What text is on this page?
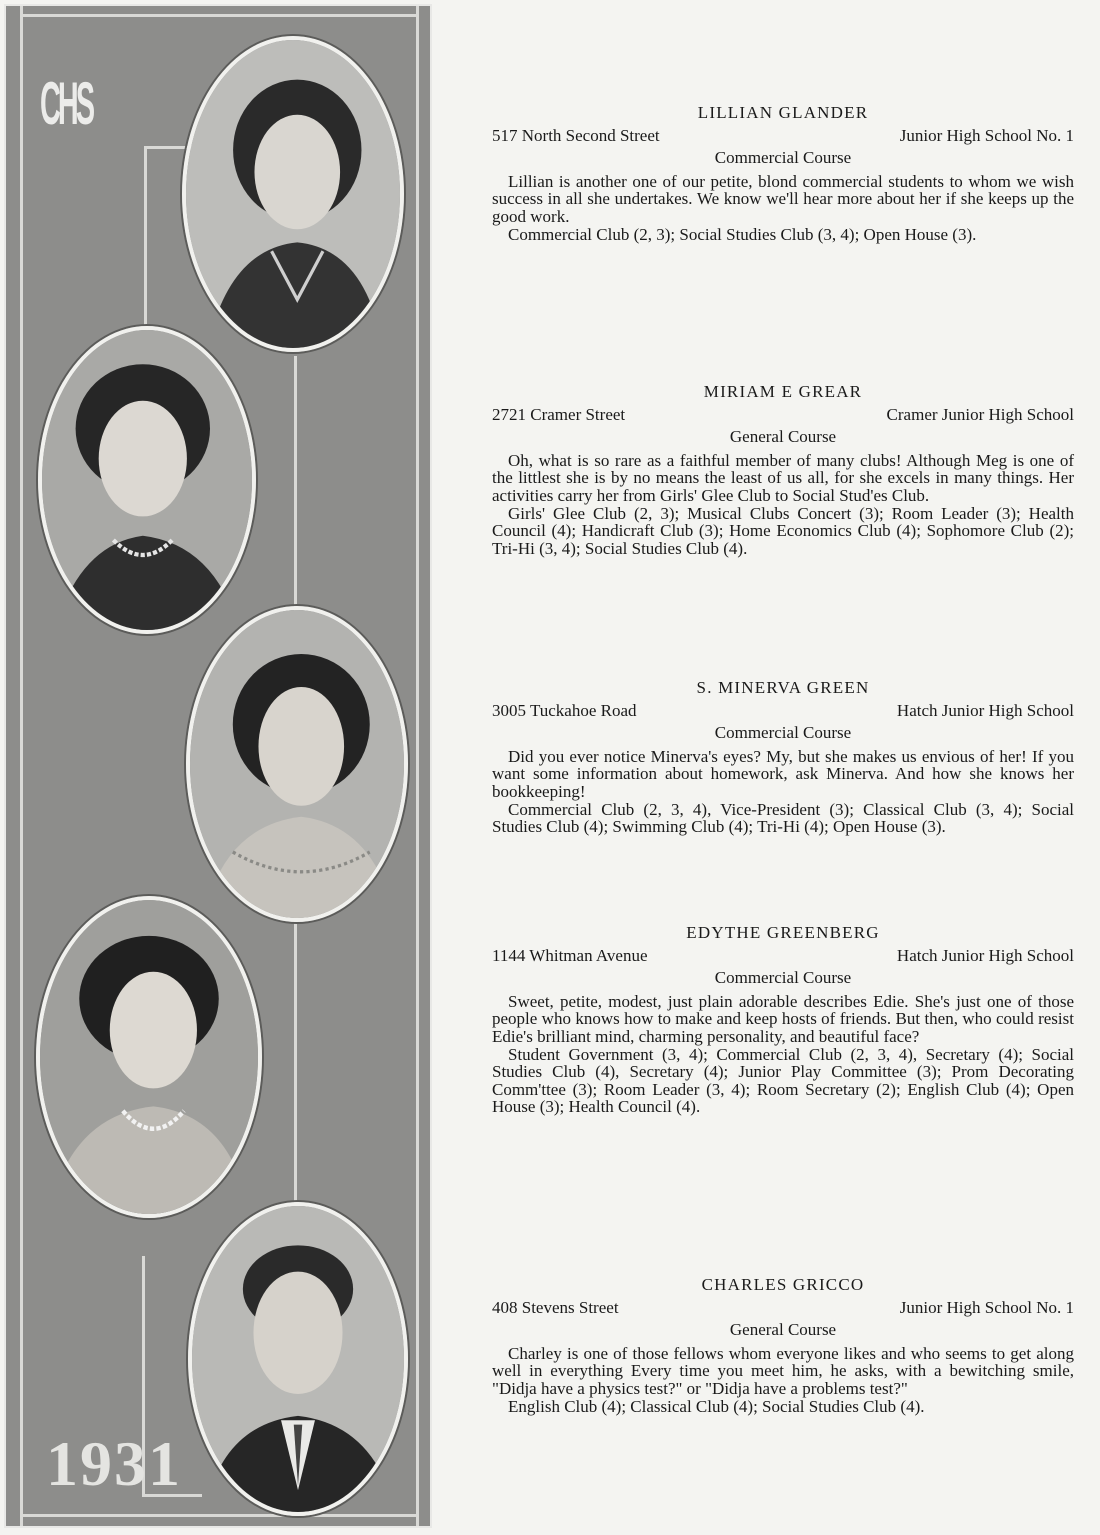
CHS
1931
LILLIAN GLANDER
517 North Second Street	Junior High School No. 1
Commercial Course
Lillian is another one of our petite, blond commercial students to whom we wish success in all she undertakes. We know we'll hear more about her if she keeps up the good work.
Commercial Club (2, 3); Social Studies Club (3, 4); Open House (3).
MIRIAM E GREAR
2721 Cramer Street	Cramer Junior High School
General Course
Oh, what is so rare as a faithful member of many clubs! Although Meg is one of the littlest she is by no means the least of us all, for she excels in many things. Her activities carry her from Girls' Glee Club to Social Stud'es Club.
Girls' Glee Club (2, 3); Musical Clubs Concert (3); Room Leader (3); Health Council (4); Handicraft Club (3); Home Economics Club (4); Sophomore Club (2); Tri-Hi (3, 4); Social Studies Club (4).
S. MINERVA GREEN
3005 Tuckahoe Road	Hatch Junior High School
Commercial Course
Did you ever notice Minerva's eyes? My, but she makes us envious of her! If you want some information about homework, ask Minerva. And how she knows her bookkeeping!
Commercial Club (2, 3, 4), Vice-President (3); Classical Club (3, 4); Social Studies Club (4); Swimming Club (4); Tri-Hi (4); Open House (3).
EDYTHE GREENBERG
1144 Whitman Avenue	Hatch Junior High School
Commercial Course
Sweet, petite, modest, just plain adorable describes Edie. She's just one of those people who knows how to make and keep hosts of friends. But then, who could resist Edie's brilliant mind, charming personality, and beautiful face?
Student Government (3, 4); Commercial Club (2, 3, 4), Secretary (4); Social Studies Club (4), Secretary (4); Junior Play Committee (3); Prom Decorating Comm'ttee (3); Room Leader (3, 4); Room Secretary (2); English Club (4); Open House (3); Health Council (4).
CHARLES GRICCO
408 Stevens Street	Junior High School No. 1
General Course
Charley is one of those fellows whom everyone likes and who seems to get along well in everything Every time you meet him, he asks, with a bewitching smile, "Didja have a physics test?" or "Didja have a problems test?"
English Club (4); Classical Club (4); Social Studies Club (4).
